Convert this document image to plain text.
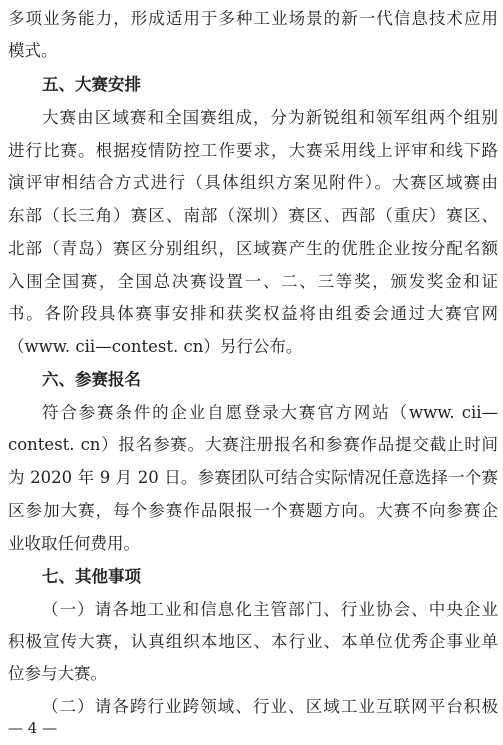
多项业务能力，形成适用于多种工业场景的新一代信息技术应用
模式。
五、大赛安排
大赛由区域赛和全国赛组成，分为新锐组和领军组两个组别
进行比赛。根据疫情防控工作要求，大赛采用线上评审和线下路
演评审相结合方式进行（具体组织方案见附件）。大赛区域赛由
东部（长三角）赛区、南部（深圳）赛区、西部（重庆）赛区、
北部（青岛）赛区分别组织，区域赛产生的优胜企业按分配名额
入围全国赛，全国总决赛设置一、二、三等奖，颁发奖金和证
书。各阶段具体赛事安排和获奖权益将由组委会通过大赛官网
（www. cii—contest. cn）另行公布。
六、参赛报名
符合参赛条件的企业自愿登录大赛官方网站（www. cii—
contest. cn）报名参赛。大赛注册报名和参赛作品提交截止时间
为 2020 年 9 月 20 日。参赛团队可结合实际情况任意选择一个赛
区参加大赛，每个参赛作品限报一个赛题方向。大赛不向参赛企
业收取任何费用。
七、其他事项
（一）请各地工业和信息化主管部门、行业协会、中央企业
积极宣传大赛，认真组织本地区、本行业、本单位优秀企事业单
位参与大赛。
（二）请各跨行业跨领域、行业、区域工业互联网平台积极
— 4 —
